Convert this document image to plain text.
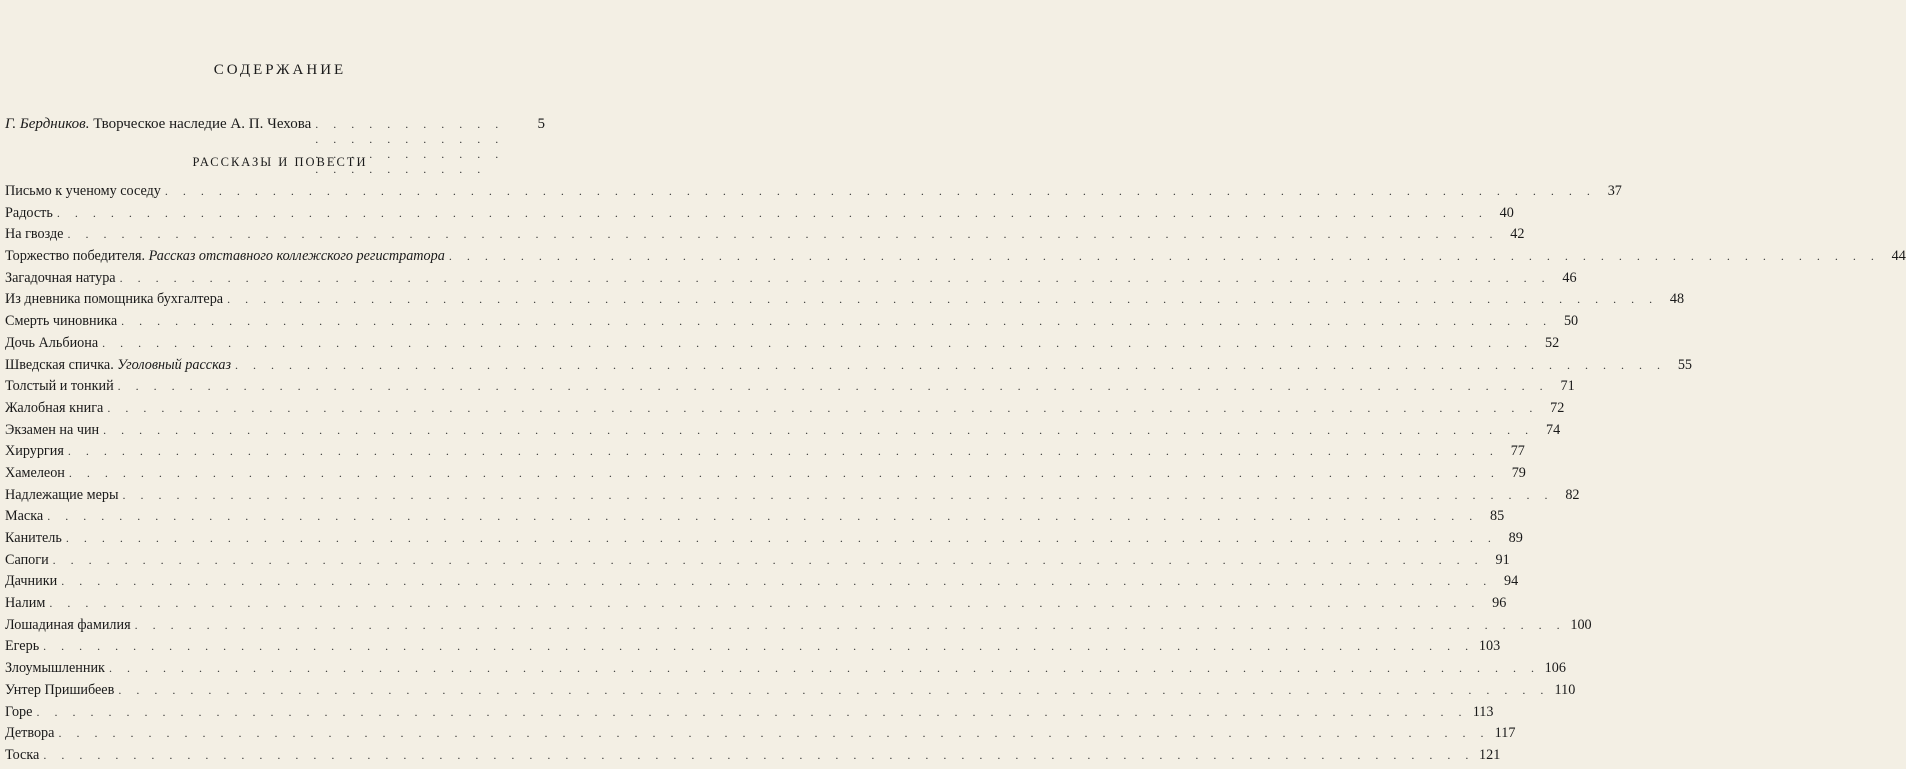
СОДЕРЖАНИЕ
Г. Бердников. Творческое наследие А. П. Чехова . . . . . . . . . . . . . . . . . . . . . . . . . . . . . . . . . . . . . . . . . . .
5
РАССКАЗЫ И ПОВЕСТИ
Письмо к ученому соседу . . . . . . . . . . . . . . . . . . . . . . . . . . . . . . . . . . . . . . . . . . . . . . . . . . . . . . . . . . . . . . . . . . . . . . . . . . . . . . . . 37
Радость . . . . . . . . . . . . . . . . . . . . . . . . . . . . . . . . . . . . . . . . . . . . . . . . . . . . . . . . . . . . . . . . . . . . . . . . . . . . . . . . 40
На гвозде . . . . . . . . . . . . . . . . . . . . . . . . . . . . . . . . . . . . . . . . . . . . . . . . . . . . . . . . . . . . . . . . . . . . . . . . . . . . . . . . 42
Торжество победителя. Рассказ отставного коллежского регистратора . . . . . . . . . . . . . . . . . . . . . . . . . . . . . . . . . . . . . . . . . . . . . . . . . . . . . . . . . . . . . . . . . . . . . . . . . . . . . . . . 44
Загадочная натура . . . . . . . . . . . . . . . . . . . . . . . . . . . . . . . . . . . . . . . . . . . . . . . . . . . . . . . . . . . . . . . . . . . . . . . . . . . . . . . . 46
Из дневника помощника бухгалтера . . . . . . . . . . . . . . . . . . . . . . . . . . . . . . . . . . . . . . . . . . . . . . . . . . . . . . . . . . . . . . . . . . . . . . . . . . . . . . . . 48
Смерть чиновника . . . . . . . . . . . . . . . . . . . . . . . . . . . . . . . . . . . . . . . . . . . . . . . . . . . . . . . . . . . . . . . . . . . . . . . . . . . . . . . . 50
Дочь Альбиона . . . . . . . . . . . . . . . . . . . . . . . . . . . . . . . . . . . . . . . . . . . . . . . . . . . . . . . . . . . . . . . . . . . . . . . . . . . . . . . . 52
Шведская спичка. Уголовный рассказ . . . . . . . . . . . . . . . . . . . . . . . . . . . . . . . . . . . . . . . . . . . . . . . . . . . . . . . . . . . . . . . . . . . . . . . . . . . . . . . . 55
Толстый и тонкий . . . . . . . . . . . . . . . . . . . . . . . . . . . . . . . . . . . . . . . . . . . . . . . . . . . . . . . . . . . . . . . . . . . . . . . . . . . . . . . . 71
Жалобная книга . . . . . . . . . . . . . . . . . . . . . . . . . . . . . . . . . . . . . . . . . . . . . . . . . . . . . . . . . . . . . . . . . . . . . . . . . . . . . . . . 72
Экзамен на чин . . . . . . . . . . . . . . . . . . . . . . . . . . . . . . . . . . . . . . . . . . . . . . . . . . . . . . . . . . . . . . . . . . . . . . . . . . . . . . . . 74
Хирургия . . . . . . . . . . . . . . . . . . . . . . . . . . . . . . . . . . . . . . . . . . . . . . . . . . . . . . . . . . . . . . . . . . . . . . . . . . . . . . . . 77
Хамелеон . . . . . . . . . . . . . . . . . . . . . . . . . . . . . . . . . . . . . . . . . . . . . . . . . . . . . . . . . . . . . . . . . . . . . . . . . . . . . . . . 79
Надлежащие меры . . . . . . . . . . . . . . . . . . . . . . . . . . . . . . . . . . . . . . . . . . . . . . . . . . . . . . . . . . . . . . . . . . . . . . . . . . . . . . . . 82
Маска . . . . . . . . . . . . . . . . . . . . . . . . . . . . . . . . . . . . . . . . . . . . . . . . . . . . . . . . . . . . . . . . . . . . . . . . . . . . . . . . 85
Канитель . . . . . . . . . . . . . . . . . . . . . . . . . . . . . . . . . . . . . . . . . . . . . . . . . . . . . . . . . . . . . . . . . . . . . . . . . . . . . . . . 89
Сапоги . . . . . . . . . . . . . . . . . . . . . . . . . . . . . . . . . . . . . . . . . . . . . . . . . . . . . . . . . . . . . . . . . . . . . . . . . . . . . . . . 91
Дачники . . . . . . . . . . . . . . . . . . . . . . . . . . . . . . . . . . . . . . . . . . . . . . . . . . . . . . . . . . . . . . . . . . . . . . . . . . . . . . . . 94
Налим . . . . . . . . . . . . . . . . . . . . . . . . . . . . . . . . . . . . . . . . . . . . . . . . . . . . . . . . . . . . . . . . . . . . . . . . . . . . . . . . 96
Лошадиная фамилия . . . . . . . . . . . . . . . . . . . . . . . . . . . . . . . . . . . . . . . . . . . . . . . . . . . . . . . . . . . . . . . . . . . . . . . . . . . . . . . . 100
Егерь . . . . . . . . . . . . . . . . . . . . . . . . . . . . . . . . . . . . . . . . . . . . . . . . . . . . . . . . . . . . . . . . . . . . . . . . . . . . . . . . 103
Злоумышленник . . . . . . . . . . . . . . . . . . . . . . . . . . . . . . . . . . . . . . . . . . . . . . . . . . . . . . . . . . . . . . . . . . . . . . . . . . . . . . . . 106
Унтер Пришибеев . . . . . . . . . . . . . . . . . . . . . . . . . . . . . . . . . . . . . . . . . . . . . . . . . . . . . . . . . . . . . . . . . . . . . . . . . . . . . . . . 110
Горе . . . . . . . . . . . . . . . . . . . . . . . . . . . . . . . . . . . . . . . . . . . . . . . . . . . . . . . . . . . . . . . . . . . . . . . . . . . . . . . . 113
Детвора . . . . . . . . . . . . . . . . . . . . . . . . . . . . . . . . . . . . . . . . . . . . . . . . . . . . . . . . . . . . . . . . . . . . . . . . . . . . . . . . 117
Тоска . . . . . . . . . . . . . . . . . . . . . . . . . . . . . . . . . . . . . . . . . . . . . . . . . . . . . . . . . . . . . . . . . . . . . . . . . . . . . . . . 121
